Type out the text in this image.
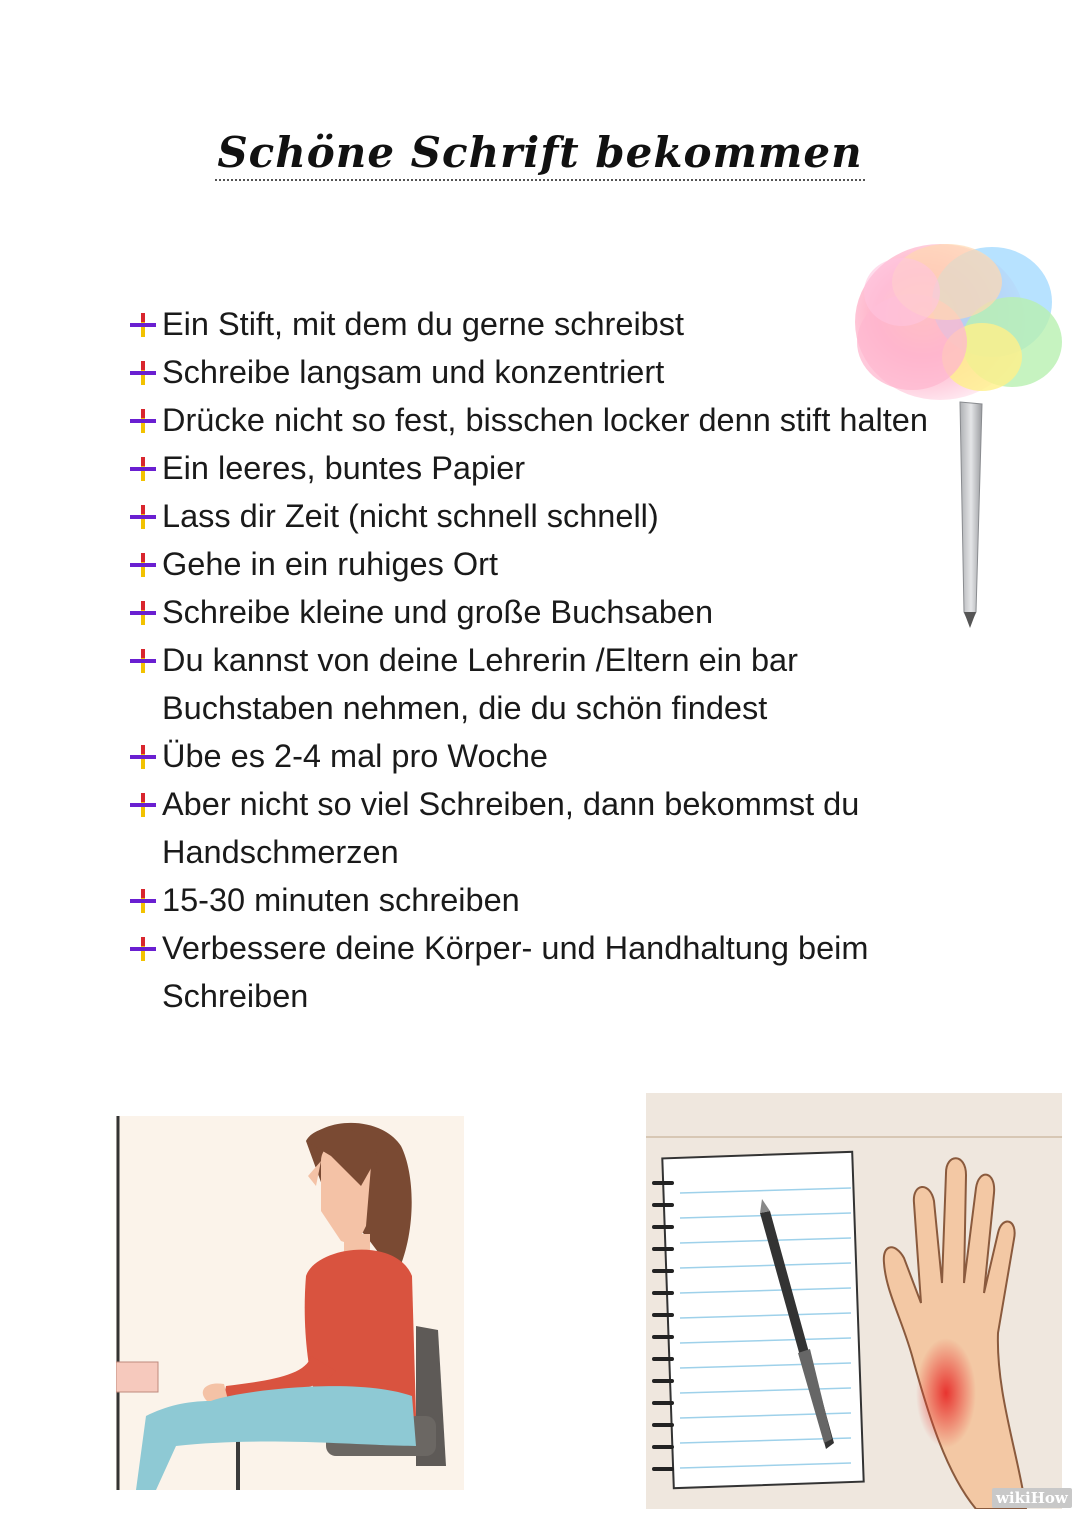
Schöne Schrift bekommen
Ein Stift, mit dem du gerne schreibst
Schreibe langsam und konzentriert
Drücke nicht so fest, bisschen locker denn stift halten
Ein leeres, buntes Papier
Lass dir Zeit (nicht schnell schnell)
Gehe in ein ruhiges Ort
Schreibe kleine und große Buchsaben
Du kannst von deine Lehrerin /Eltern ein bar Buchstaben nehmen, die du schön findest
Übe es 2-4 mal pro Woche
Aber nicht so viel Schreiben, dann bekommst du Handschmerzen
15-30 minuten schreiben
Verbessere deine Körper- und Handhaltung beim Schreiben
wikiHow
